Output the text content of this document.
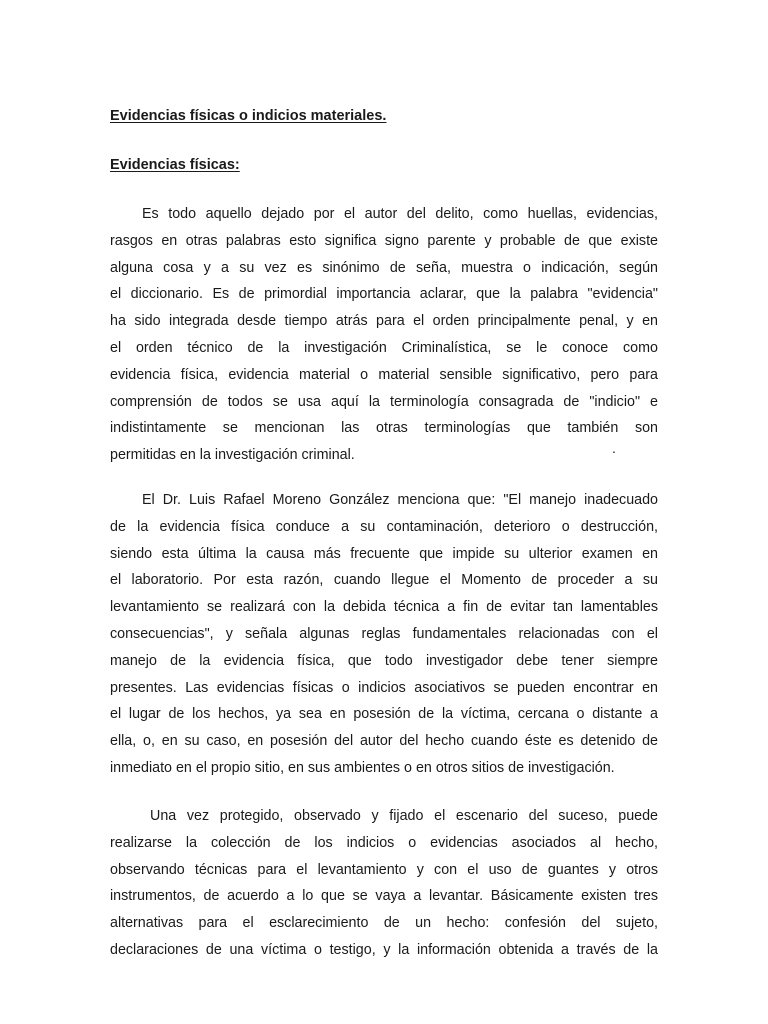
Evidencias físicas o indicios materiales.

Evidencias físicas:

Es todo aquello dejado por el autor del delito, como huellas, evidencias,
rasgos en otras palabras esto significa signo parente y probable de que existe
alguna cosa y a su vez es sinónimo de seña, muestra o indicación, según
el diccionario. Es de primordial importancia aclarar, que la palabra "evidencia"
ha sido integrada desde tiempo atrás para el orden principalmente penal, y en
el orden técnico de la investigación Criminalística, se le conoce como
evidencia física, evidencia material o material sensible significativo, pero para
comprensión de todos se usa aquí la terminología consagrada de "indicio" e
indistintamente se mencionan las otras terminologías que también son
permitidas en la investigación criminal.	.
El Dr. Luis Rafael Moreno González menciona que: "El manejo inadecuado
de la evidencia física conduce a su contaminación, deterioro o destrucción,
siendo esta última la causa más frecuente que impide su ulterior examen en
el laboratorio. Por esta razón, cuando llegue el Momento de proceder a su
levantamiento se realizará con la debida técnica a fin de evitar tan lamentables
consecuencias", y señala algunas reglas fundamentales relacionadas con el
manejo de la evidencia física, que todo investigador debe tener siempre
presentes. Las evidencias físicas o indicios asociativos se pueden encontrar en
el lugar de los hechos, ya sea en posesión de la víctima, cercana o distante a
ella, o, en su caso, en posesión del autor del hecho cuando éste es detenido de
inmediato en el propio sitio, en sus ambientes o en otros sitios de investigación.
Una vez protegido, observado y fijado el escenario del suceso, puede
realizarse la colección de los indicios o evidencias asociados al hecho,
observando técnicas para el levantamiento y con el uso de guantes y otros
instrumentos, de acuerdo a lo que se vaya a levantar. Básicamente existen tres
alternativas para el esclarecimiento de un hecho: confesión del sujeto,
declaraciones de una víctima o testigo, y la información obtenida a través de la
